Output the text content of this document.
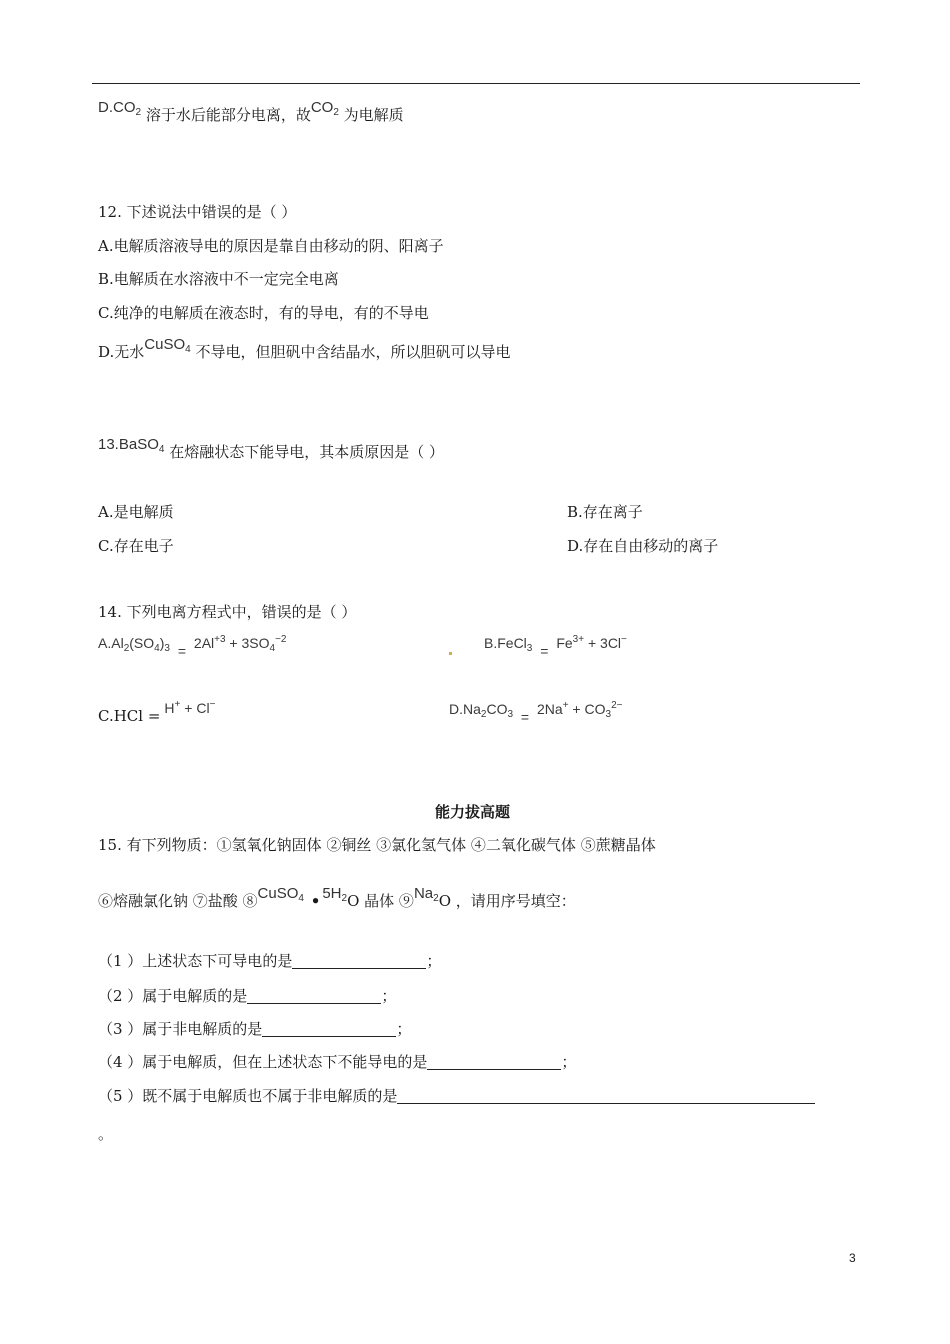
$D.CO_2$ 溶于水后能部分电离，故$CO_2$ 为电解质
12. 下述说法中错误的是（ ）
A.电解质溶液导电的原因是靠自由移动的阴、阳离子
B.电解质在水溶液中不一定完全电离
C.纯净的电解质在液态时，有的导电，有的不导电
D.无水CuSO$_4$ 不导电，但胆矾中含结晶水，所以胆矾可以导电
13.BaSO$_4$ 在熔融状态下能导电，其本质原因是（ ）
A.是电解质	B.存在离子
C.存在电子	D.存在自由移动的离子
14. 下列电离方程式中，错误的是（ ）
$A.Al_2(SO_4)_3 = 2Al^{+3} + 3SO_4^{-2}$	B.FeCl$_3$ = $Fe^{3+} + 3Cl^-$
C.HCl = H+ + Cl−	$D.Na_2CO_3 = 2Na^+ + CO_3^{2-}$
能力拔高题
15. 有下列物质：①氢氧化钠固体 ②铜丝 ③氯化氢气体 ④二氧化碳气体 ⑤蔗糖晶体
⑥熔融氯化钠 ⑦盐酸 ⑧CuSO$_4$ • $5H_2O$ 晶体 $⑨Na_2O$ ，请用序号填空：
（1 ）上述状态下可导电的是	；
（2 ）属于电解质的是	；
（3 ）属于非电解质的是	；
（4 ）属于电解质，但在上述状态下不能导电的是	；
（5 ）既不属于电解质也不属于非电解质的是
。
3
